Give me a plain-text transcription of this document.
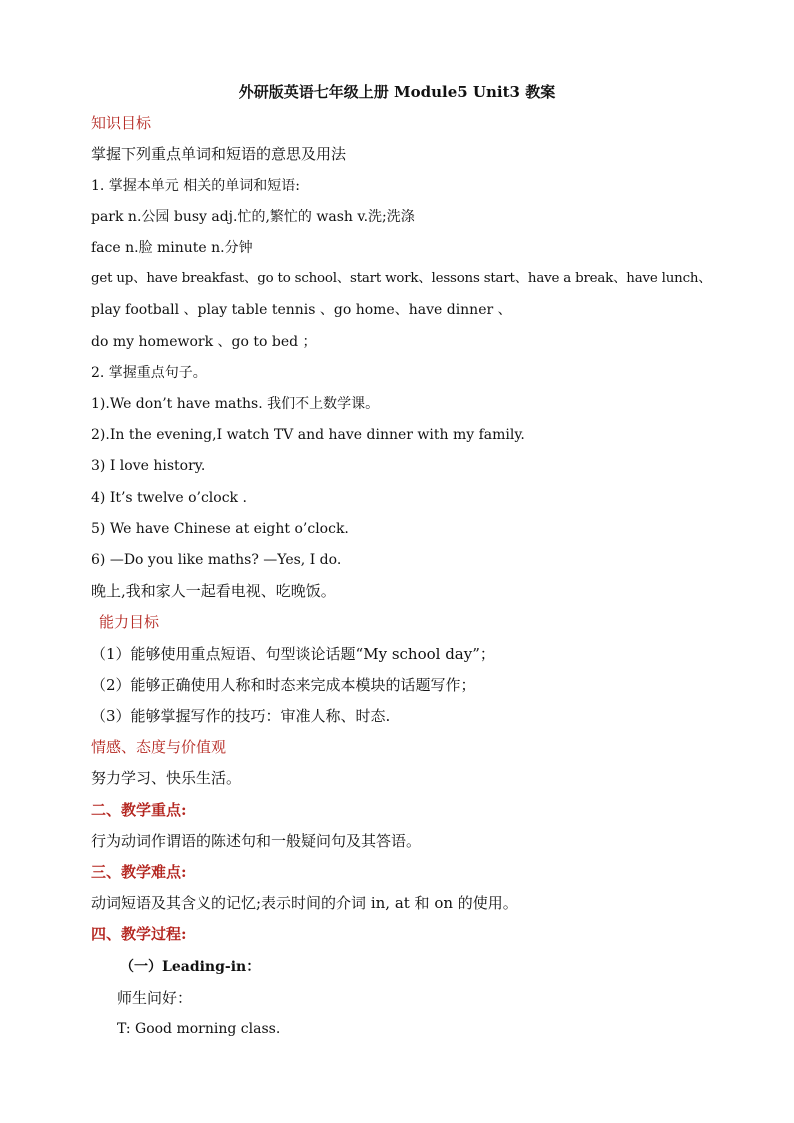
外研版英语七年级上册 Module5 Unit3 教案
知识目标
掌握下列重点单词和短语的意思及用法
1. 掌握本单元 相关的单词和短语:
park n.公园 busy adj.忙的,繁忙的 wash v.洗;洗涤
face n.脸 minute n.分钟
get up、have breakfast、go to school、start work、lessons start、have a break、have lunch、
play football 、play table tennis 、go home、have dinner 、
do my homework 、go to bed ；
2. 掌握重点句子。
1).We don’t have maths. 我们不上数学课。
2).In the evening,I watch TV and have dinner with my family.
3) I love history.
4) It’s twelve o’clock .
5) We have Chinese at eight o’clock.
6) —Do you like maths? —Yes, I do.
晚上,我和家人一起看电视、吃晚饭。
能力目标
（1）能够使用重点短语、句型谈论话题“My school day”；
（2）能够正确使用人称和时态来完成本模块的话题写作；
（3）能够掌握写作的技巧：审准人称、时态.
情感、态度与价值观
努力学习、快乐生活。
二、教学重点:
行为动词作谓语的陈述句和一般疑问句及其答语。
三、教学难点:
动词短语及其含义的记忆;表示时间的介词 in, at 和 on 的使用。
四、教学过程:
（一）Leading-in：
师生问好：
T: Good morning class.
